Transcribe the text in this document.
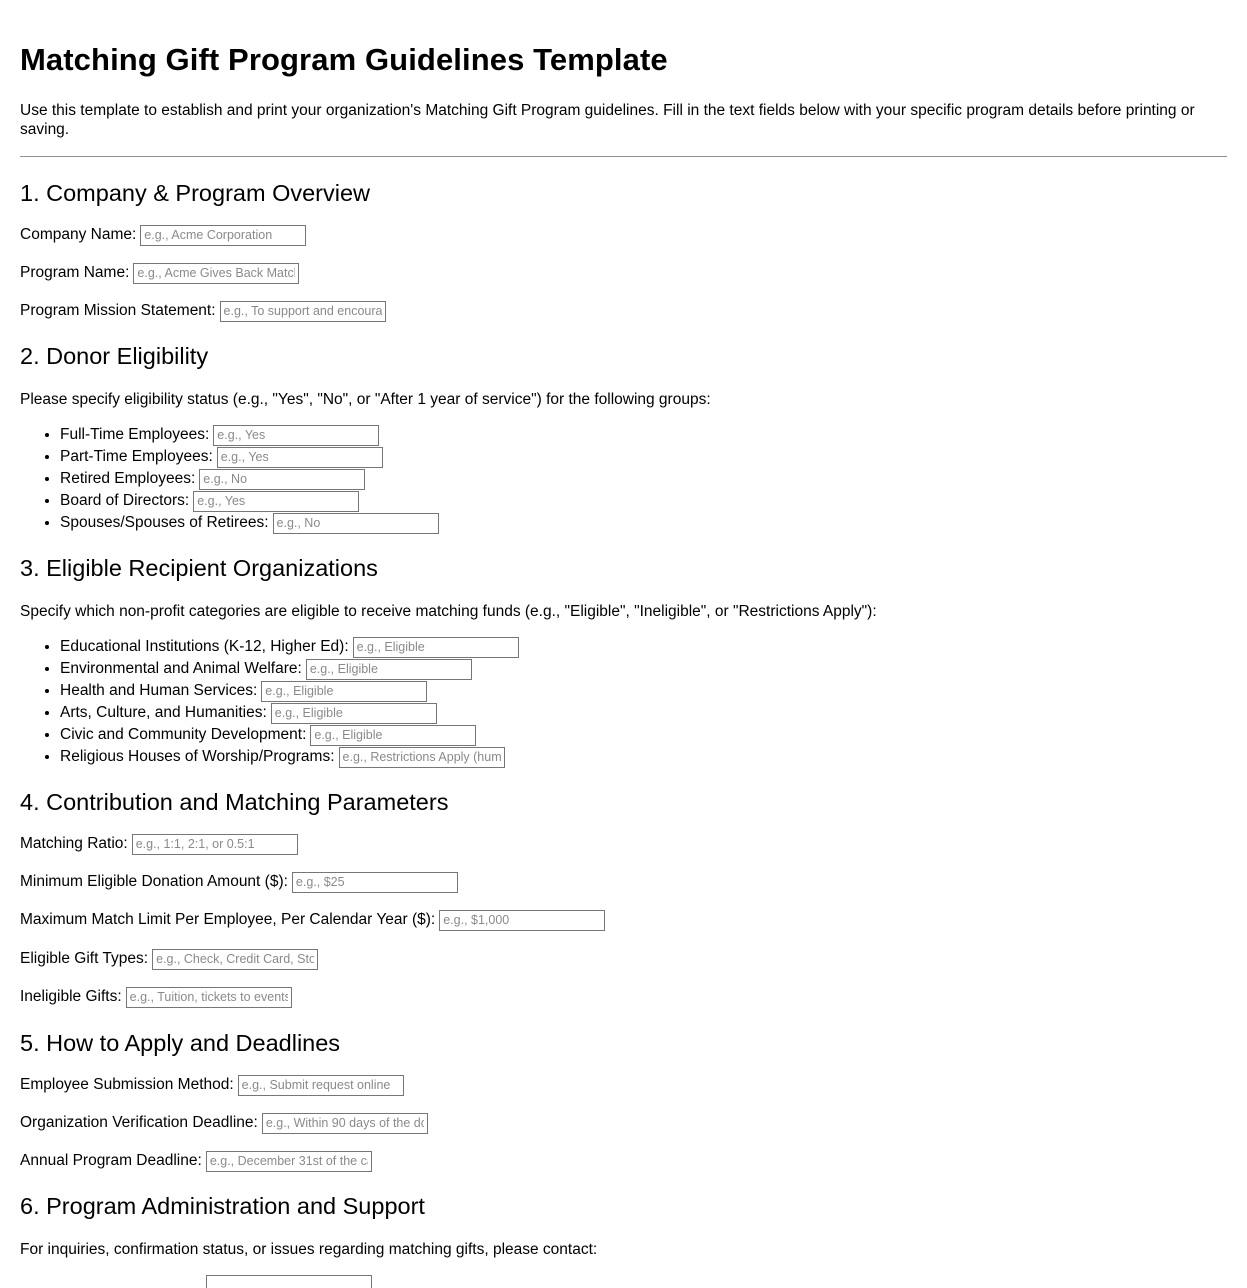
Matching Gift Program Guidelines Template

Use this template to establish and print your organization's Matching Gift Program guidelines. Fill in the text fields below with your specific program details before printing or saving.

1. Company & Program Overview
Company Name:
e.g., Acme Corporation
Program Name:
e.g., Acme Gives Back Matching Gift Program
Program Mission Statement:
e.g., To support and encourage employee giving
2. Donor Eligibility

Please specify eligibility status (e.g., "Yes", "No", or "After 1 year of service") for the following groups:

• Full-Time Employees:
e.g., Yes
• Part-Time Employees:
e.g., Yes
• Retired Employees:
e.g., No
• Board of Directors:
e.g., Yes
• Spouses/Spouses of Retirees:
e.g., No
3. Eligible Recipient Organizations

Specify which non-profit categories are eligible to receive matching funds (e.g., "Eligible", "Ineligible", or "Restrictions Apply"):

• Educational Institutions (K-12, Higher Ed):
e.g., Eligible
• Environmental and Animal Welfare:
e.g., Eligible
• Health and Human Services:
e.g., Eligible
• Arts, Culture, and Humanities:
e.g., Eligible
• Civic and Community Development:
e.g., Eligible
• Religious Houses of Worship/Programs:
e.g., Restrictions Apply (humanitarian programs only)
4. Contribution and Matching Parameters
Matching Ratio:
e.g., 1:1, 2:1, or 0.5:1
Minimum Eligible Donation Amount ($):
e.g., $25
Maximum Match Limit Per Employee, Per Calendar Year ($):
e.g., $1,000
Eligible Gift Types:
e.g., Check, Credit Card, Stock
Ineligible Gifts:
e.g., Tuition, tickets to events
5. How to Apply and Deadlines
Employee Submission Method:
e.g., Submit request online
Organization Verification Deadline:
e.g., Within 90 days of the donation
Annual Program Deadline:
e.g., December 31st of the calendar year
6. Program Administration and Support

For inquiries, confirmation status, or issues regarding matching gifts, please contact:
